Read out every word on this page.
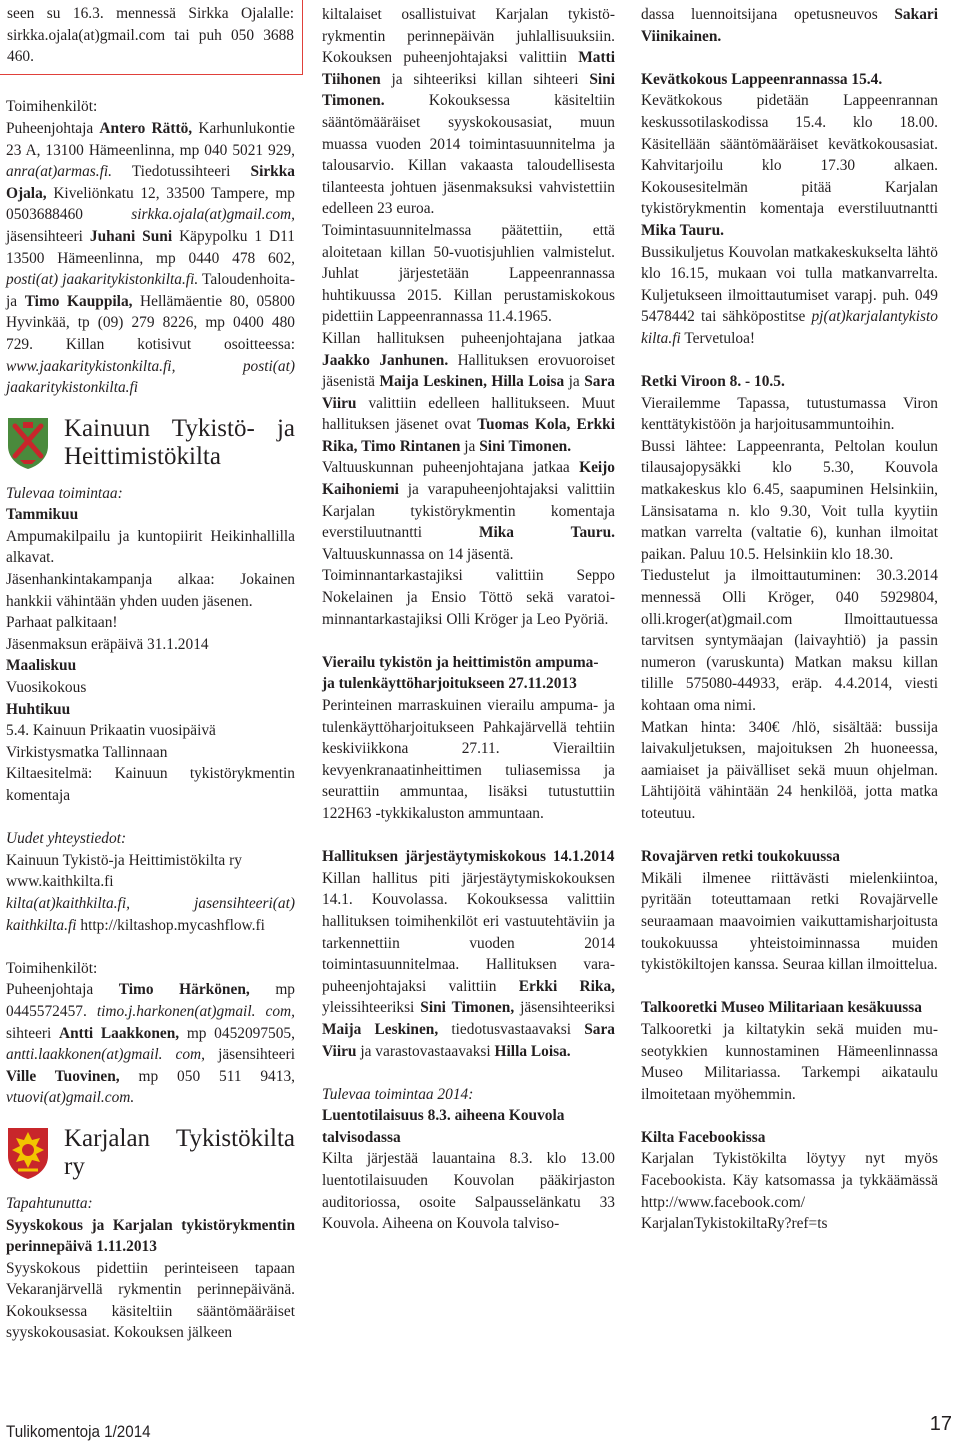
seen su 16.3. mennessä Sirkka Ojalalle: sirkka.ojala(at)gmail.com tai puh 050 3688 460.

Toimihenkilöt:

Puheenjohtaja Antero Rättö, Karhunlukontie 23 A, 13100 Hämeenlinna, mp 040 5021 929, anra(at)armas.fi. Tiedotussihteeri Sirkka Ojala, Kiveliönkatu 12, 33500 Tampere, mp 0503688460 sirkka.ojala(at)gmail.com, jäsensihteeri Juhani Suni Käpypolku 1 D11 13500 Hämeenlinna, mp 0440 478 602, posti(at) jaakaritykistonkilta.fi. Taloudenhoitaja Timo Kauppila, Hellämäentie 80, 05800 Hyvinkää, tp (09) 279 8226, mp 0400 480 729. Killan kotisivut osoitteessa: www.jaakaritykistonkilta.fi, posti(at) jaakaritykistonkilta.fi

Kainuun Tykistö- ja Heittimistökilta

Tulevaa toimintaa:

Tammikuu

Ampumakilpailu ja kuntopiirit Heikinhallilla alkavat.

Jäsenhankintakampanja alkaa: Jokainen hankkii vähintään yhden uuden jäsenen.

Parhaat palkitaan!

Jäsenmaksun eräpäivä 31.1.2014

Maaliskuu

Vuosikokous

Huhtikuu

5.4. Kainuun Prikaatin vuosipäivä

Virkistysmatka Tallinnaan

Kiltaesitelmä: Kainuun tykistörykmentin komentaja

Uudet yhteystiedot:

Kainuun Tykistö-ja Heittimistökilta ry

www.kaithkilta.fi

kilta(at)kaithkilta.fi, jasensihteeri(at) kaithkilta.fi http://kiltashop.mycashflow.fi

Toimihenkilöt:

Puheenjohtaja Timo Härkönen, mp 0445572457. timo.j.harkonen(at)gmail. com, sihteeri Antti Laakkonen, mp 0452097505, antti.laakkonen(at)gmail. com, jäsensihteeri Ville Tuovinen, mp 050 511 9413, vtuovi(at)gmail.com.

Karjalan Tykistökilta ry

Tapahtunutta:

Syyskokous ja Karjalan tykistörykmentin perinnepäivä 1.11.2013

Syyskokous pidettiin perinteiseen tapaan Vekaranjärvellä rykmentin perinnepäivänä. Kokouksessa käsiteltiin sääntömääräiset syyskokousasiat. Kokouksen jälkeen

kiltalaiset osallistuivat Karjalan tykistörykmentin perinnepäivän juhlallisuuksiin. Kokouksen puheenjohtajaksi valittiin Matti Tiihonen ja sihteeriksi killan sihteeri Sini Timonen. Kokouksessa käsiteltiin sääntömääräiset syyskokousasiat, muun muassa vuoden 2014 toimintasuunnitelma ja talousarvio. Killan vakaasta taloudellisesta tilanteesta johtuen jäsenmaksuksi vahvistettiin edelleen 23 euroa.

Toimintasuunnitelmassa päätettiin, että aloitetaan killan 50-vuotisjuhlien valmistelut. Juhlat järjestetään Lappeenrannassa huhtikuussa 2015. Killan perustamiskokous pidettiin Lappeenrannassa 11.4.1965.

Killan hallituksen puheenjohtajana jatkaa Jaakko Janhunen. Hallituksen erovuoroiset jäsenistä Maija Leskinen, Hilla Loisa ja Sara Viiru valittiin edelleen hallitukseen. Muut hallituksen jäsenet ovat Tuomas Kola, Erkki Rika, Timo Rintanen ja Sini Timonen.

Valtuuskunnan puheenjohtajana jatkaa Keijo Kaihoniemi ja varapuheenjohtajaksi valittiin Karjalan tykistörykmentin komentaja everstiluutnantti Mika Tauru. Valtuuskunnassa on 14 jäsentä.

Toiminnantarkastajiksi valittiin Seppo Nokelainen ja Ensio Töttö sekä varatoiminnantarkastajiksi Olli Kröger ja Leo Pyöriä.

Vierailu tykistön ja heittimistön ampuma- ja tulenkäyttöharjoitukseen 27.11.2013

Perinteinen marraskuinen vierailu ampuma- ja tulenkäyttöharjoitukseen Pahkajärvellä tehtiin keskiviikkona 27.11. Vierailtiin kevyenkranaatinheittimen tuliasemissa ja seurattiin ammuntaa, lisäksi tutustuttiin 122H63 -tykkikaluston ammuntaan.

Hallituksen järjestäytymiskokous 14.1.2014

Killan hallitus piti järjestäytymiskokouksen 14.1. Kouvolassa. Kokouksessa valittiin hallituksen toimihenkilöt eri vastuutehtäviin ja tarkennettiin vuoden 2014 toimintasuunnitelmaa. Hallituksen varapuheenjohtajaksi valittiin Erkki Rika, yleissihteeriksi Sini Timonen, jäsensihteeriksi Maija Leskinen, tiedotusvastaavaksi Sara Viiru ja varastovastaavaksi Hilla Loisa.

Tulevaa toimintaa 2014:

Luentotilaisuus 8.3. aiheena Kouvola talvisodassa

Kilta järjestää lauantaina 8.3. klo 13.00 luentotilaisuuden Kouvolan pääkirjaston auditoriossa, osoite Salpausselänkatu 33 Kouvola. Aiheena on Kouvola talviso-

dassa luennoitsijana opetusneuvos Sakari Viinikainen.

Kevätkokous Lappeenrannassa 15.4.

Kevätkokous pidetään Lappeenrannan keskussotilaskodissa 15.4. klo 18.00. Käsitellään sääntömääräiset kevätkokousasiat. Kahvitarjoilu klo 17.30 alkaen. Kokousesitelmän pitää Karjalan tykistörykmentin komentaja everstiluutnantti Mika Tauru.

Bussikuljetus Kouvolan matkakeskukselta lähtö klo 16.15, mukaan voi tulla matkanvarrelta. Kuljetukseen ilmoittautumiset varapj. puh. 049 5478442 tai sähköpostitse pj(at)karjalantykisto kilta.fi Tervetuloa!

Retki Viroon 8. - 10.5.

Vierailemme Tapassa, tutustumassa Viron kenttätykistöön ja harjoitusammuntoihin.

Bussi lähtee: Lappeenranta, Peltolan koulun tilausajopysäkki klo 5.30, Kouvola matkakeskus klo 6.45, saapuminen Helsinkiin, Länsisatama n. klo 9.30, Voit tulla kyytiin matkan varrelta (valtatie 6), kunhan ilmoitat paikan. Paluu 10.5. Helsinkiin klo 18.30.

Tiedustelut ja ilmoittautuminen: 30.3.2014 mennessä Olli Kröger, 040 5929804, olli.kroger(at)gmail.com Ilmoittautuessa tarvitsen syntymäajan (laivayhtiö) ja passin numeron (varuskunta) Matkan maksu killan tilille 575080-44933, eräp. 4.4.2014, viesti kohtaan oma nimi.

Matkan hinta: 340€ /hlö, sisältää: bussija laivakuljetuksen, majoituksen 2h huoneessa, aamiaiset ja päivälliset sekä muun ohjelman. Lähtijöitä vähintään 24 henkilöä, jotta matka toteutuu.

Rovajärven retki toukokuussa

Mikäli ilmenee riittävästi mielenkiintoa, pyritään toteuttamaan retki Rovajärvelle seuraamaan maavoimien vaikuttamisharjoitusta toukokuussa yhteistoiminnassa muiden tykistökiltojen kanssa. Seuraa killan ilmoittelua.

Talkooretki Museo Militariaan kesäkuussa

Talkooretki ja kiltatykin sekä muiden museotykkien kunnostaminen Hämeenlinnassa Museo Militariassa. Tarkempi aikataulu ilmoitetaan myöhemmin.

Kilta Facebookissa

Karjalan Tykistökilta löytyy nyt myös Facebookista. Käy katsomassa ja tykkäämässä http://www.facebook.com/ KarjalanTykistokiltaRy?ref=ts

Tulikomentoja 1/2014	17
